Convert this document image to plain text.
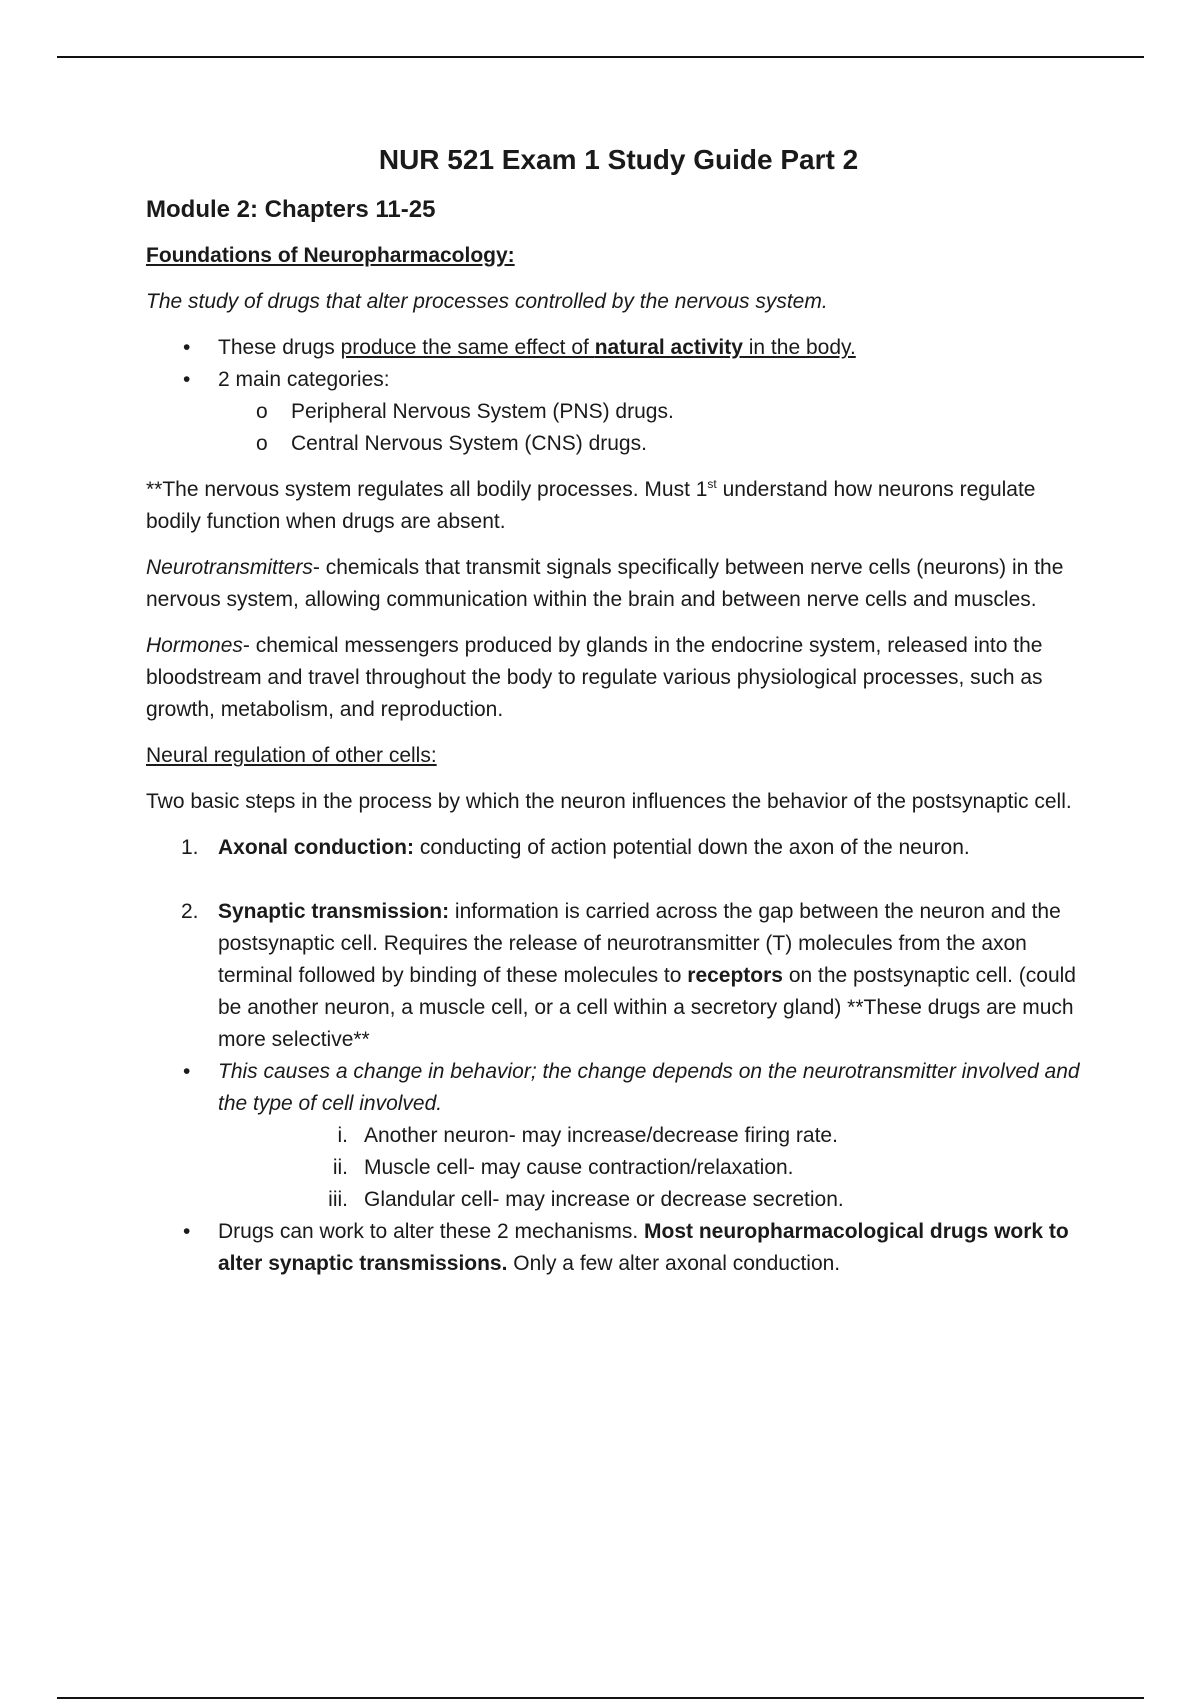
NUR 521 Exam 1 Study Guide Part 2
Module 2: Chapters 11-25

Foundations of Neuropharmacology:

The study of drugs that alter processes controlled by the nervous system.

• These drugs produce the same effect of natural activity in the body.
• 2 main categories:
o Peripheral Nervous System (PNS) drugs.
o Central Nervous System (CNS) drugs.

**The nervous system regulates all bodily processes. Must 1st understand how neurons regulate bodily function when drugs are absent.

Neurotransmitters- chemicals that transmit signals specifically between nerve cells (neurons) in the nervous system, allowing communication within the brain and between nerve cells and muscles.

Hormones- chemical messengers produced by glands in the endocrine system, released into the bloodstream and travel throughout the body to regulate various physiological processes, such as growth, metabolism, and reproduction.

Neural regulation of other cells:

Two basic steps in the process by which the neuron influences the behavior of the postsynaptic cell.

1. Axonal conduction: conducting of action potential down the axon of the neuron.
2. Synaptic transmission: information is carried across the gap between the neuron and the postsynaptic cell. Requires the release of neurotransmitter (T) molecules from the axon terminal followed by binding of these molecules to receptors on the postsynaptic cell. (could be another neuron, a muscle cell, or a cell within a secretory gland) **These drugs are much more selective**
• This causes a change in behavior; the change depends on the neurotransmitter involved and the type of cell involved.
i. Another neuron- may increase/decrease firing rate.
ii. Muscle cell- may cause contraction/relaxation.
iii. Glandular cell- may increase or decrease secretion.
• Drugs can work to alter these 2 mechanisms. Most neuropharmacological drugs work to alter synaptic transmissions. Only a few alter axonal conduction.
